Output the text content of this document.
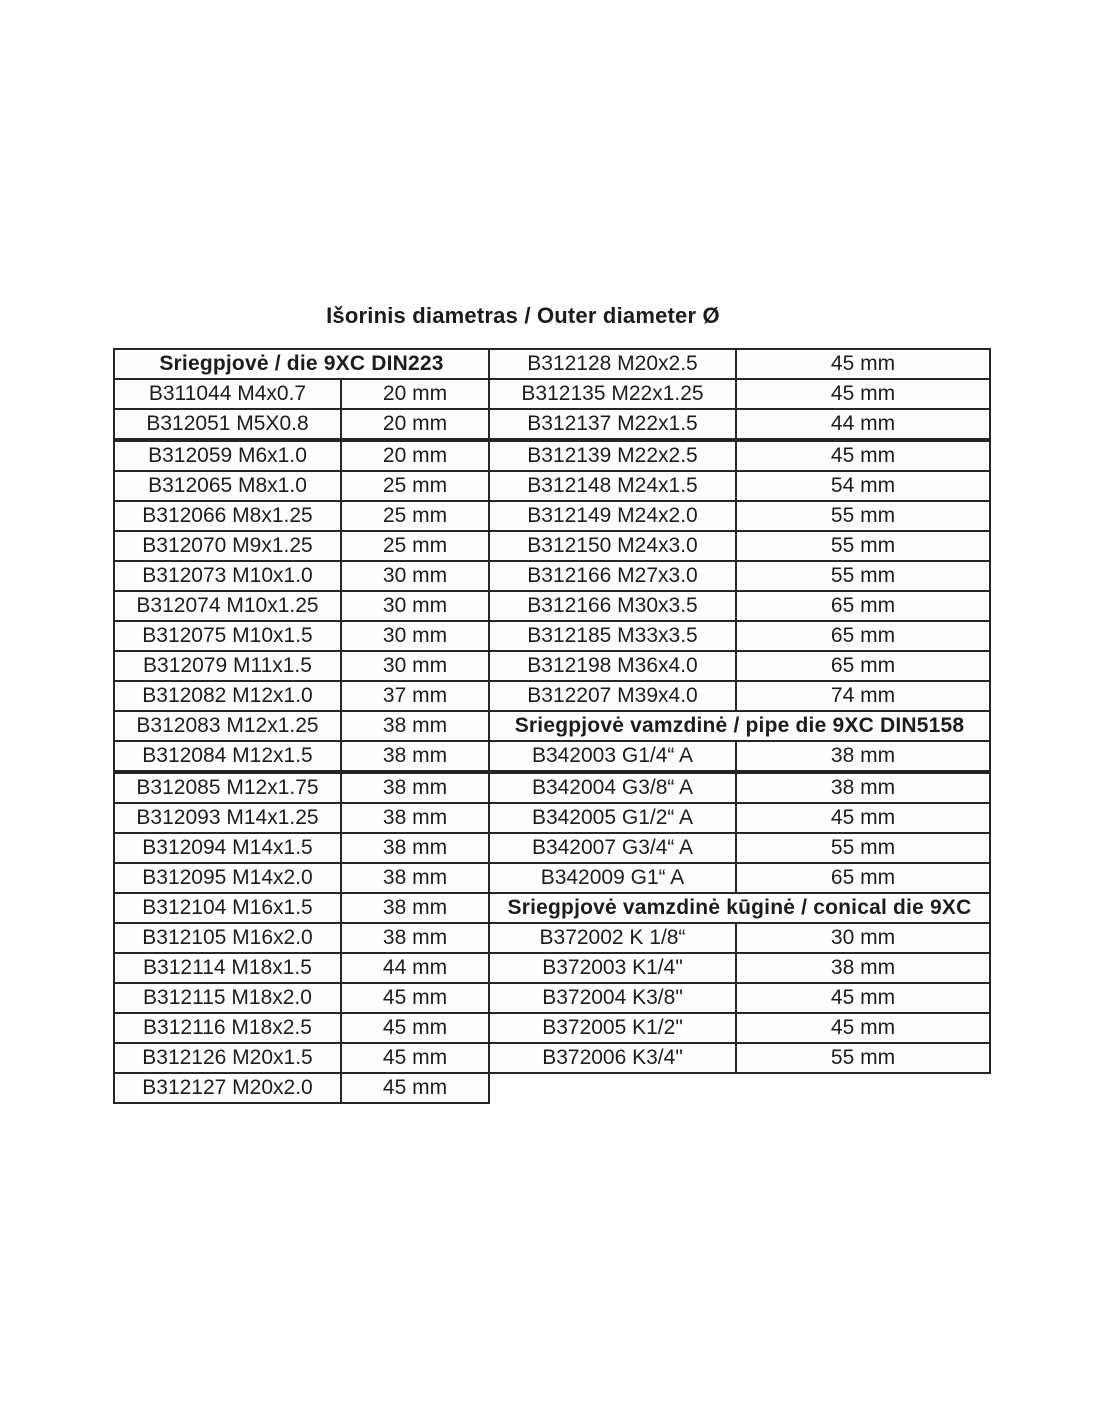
Išorinis diametras / Outer diameter Ø
Sriegpjovė / die 9XC DIN223	
B311044 M4x0.7	20 mm
B312051 M5X0.8	20 mm
B312059 M6x1.0	20 mm
B312065 M8x1.0	25 mm
B312066 M8x1.25	25 mm
B312070 M9x1.25	25 mm
B312073 M10x1.0	30 mm
B312074 M10x1.25	30 mm
B312075 M10x1.5	30 mm
B312079 M11x1.5	30 mm
B312082 M12x1.0	37 mm
B312083 M12x1.25	38 mm
B312084 M12x1.5	38 mm
B312085 M12x1.75	38 mm
B312093 M14x1.25	38 mm
B312094 M14x1.5	38 mm
B312095 M14x2.0	38 mm
B312104 M16x1.5	38 mm
B312105 M16x2.0	38 mm
B312114 M18x1.5	44 mm
B312115 M18x2.0	45 mm
B312116 M18x2.5	45 mm
B312126 M20x1.5	45 mm
B312127 M20x2.0	45 mm
B312128 M20x2.5	45 mm
B312135 M22x1.25	45 mm
B312137 M22x1.5	44 mm
B312139 M22x2.5	45 mm
B312148 M24x1.5	54 mm
B312149 M24x2.0	55 mm
B312150 M24x3.0	55 mm
B312166 M27x3.0	55 mm
B312166 M30x3.5	65 mm
B312185 M33x3.5	65 mm
B312198 M36x4.0	65 mm
B312207 M39x4.0	74 mm
Sriegpjovė vamzdinė / pipe die 9XC DIN5158	
B342003 G1/4“ A	38 mm
B342004 G3/8“ A	38 mm
B342005 G1/2“ A	45 mm
B342007 G3/4“ A	55 mm
B342009 G1“ A	65 mm
Sriegpjovė vamzdinė kūginė / conical die 9XC	
B372002 K 1/8“	30 mm
B372003 K1/4"	38 mm
B372004 K3/8"	45 mm
B372005 K1/2"	45 mm
B372006 K3/4"	55 mm
